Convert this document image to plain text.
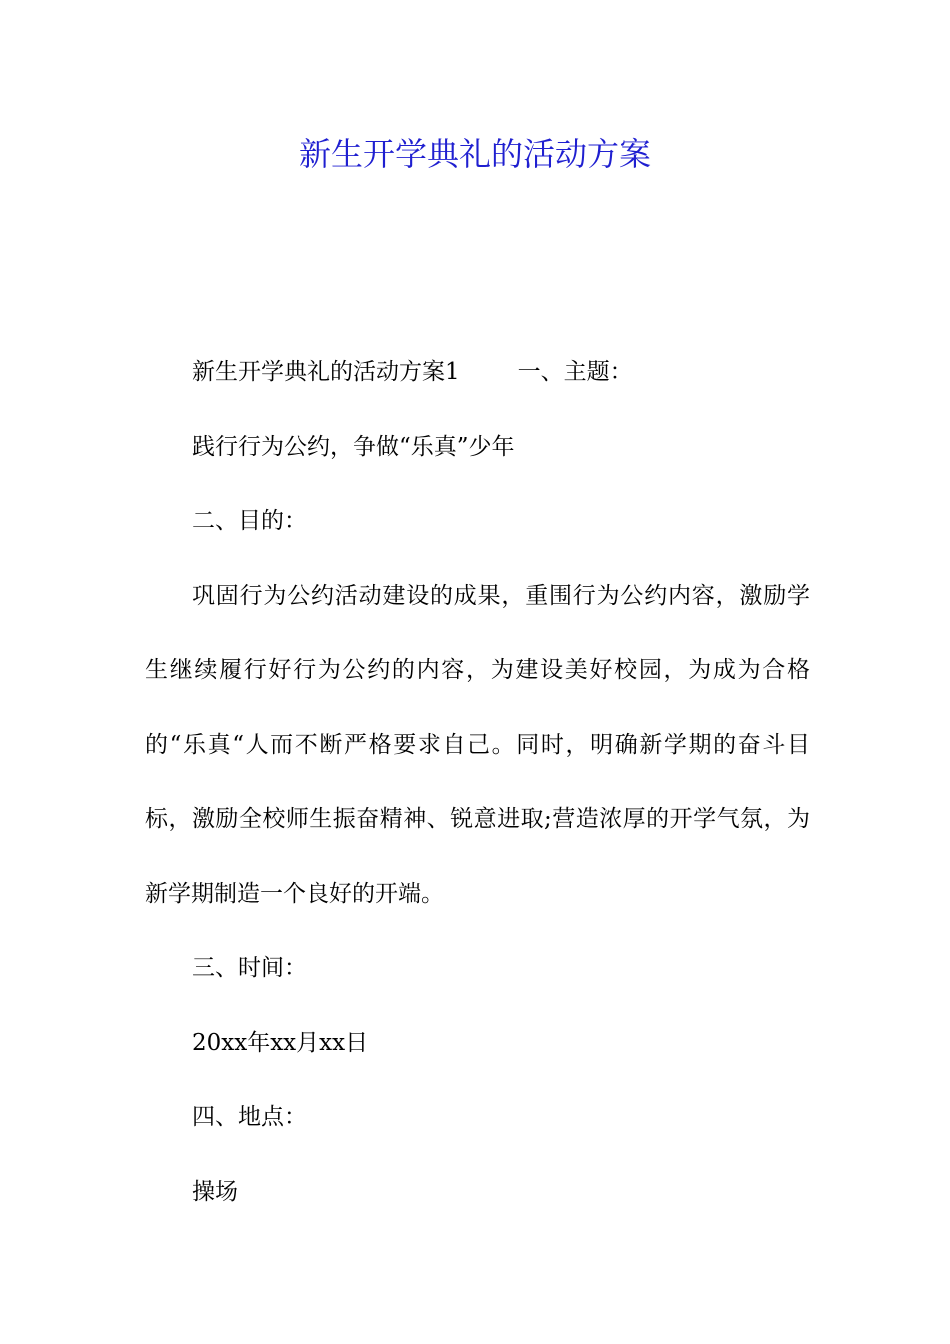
新生开学典礼的活动方案

新生开学典礼的活动方案1	一、主题：

践行行为公约，争做“乐真”少年

二、目的：

巩固行为公约活动建设的成果，重围行为公约内容，激励学生继续履行好行为公约的内容，为建设美好校园，为成为合格的“乐真“人而不断严格要求自己。同时，明确新学期的奋斗目标，激励全校师生振奋精神、锐意进取;营造浓厚的开学气氛，为新学期制造一个良好的开端。

三、时间：

20xx年xx月xx日

四、地点：

操场
